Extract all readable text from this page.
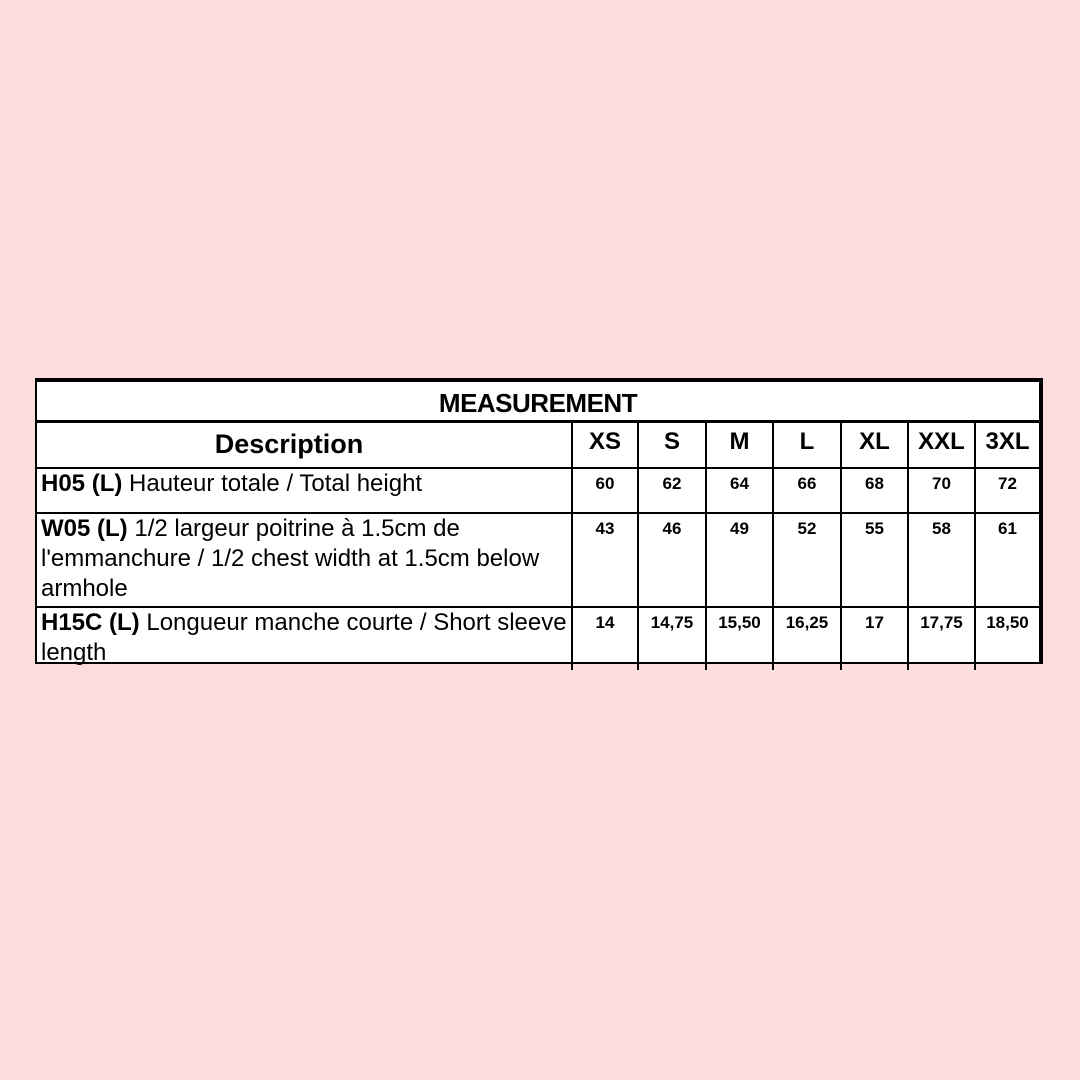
MEASUREMENT
Description	XS	S	M	L	XL	XXL	3XL
H05 (L) Hauteur totale / Total height	60	62	64	66	68	70	72
W05 (L) 1/2 largeur poitrine à 1.5cm de l'emmanchure / 1/2 chest width at 1.5cm below armhole	43	46	49	52	55	58	61
H15C (L) Longueur manche courte / Short sleeve length	14	14,75	15,50	16,25	17	17,75	18,50
